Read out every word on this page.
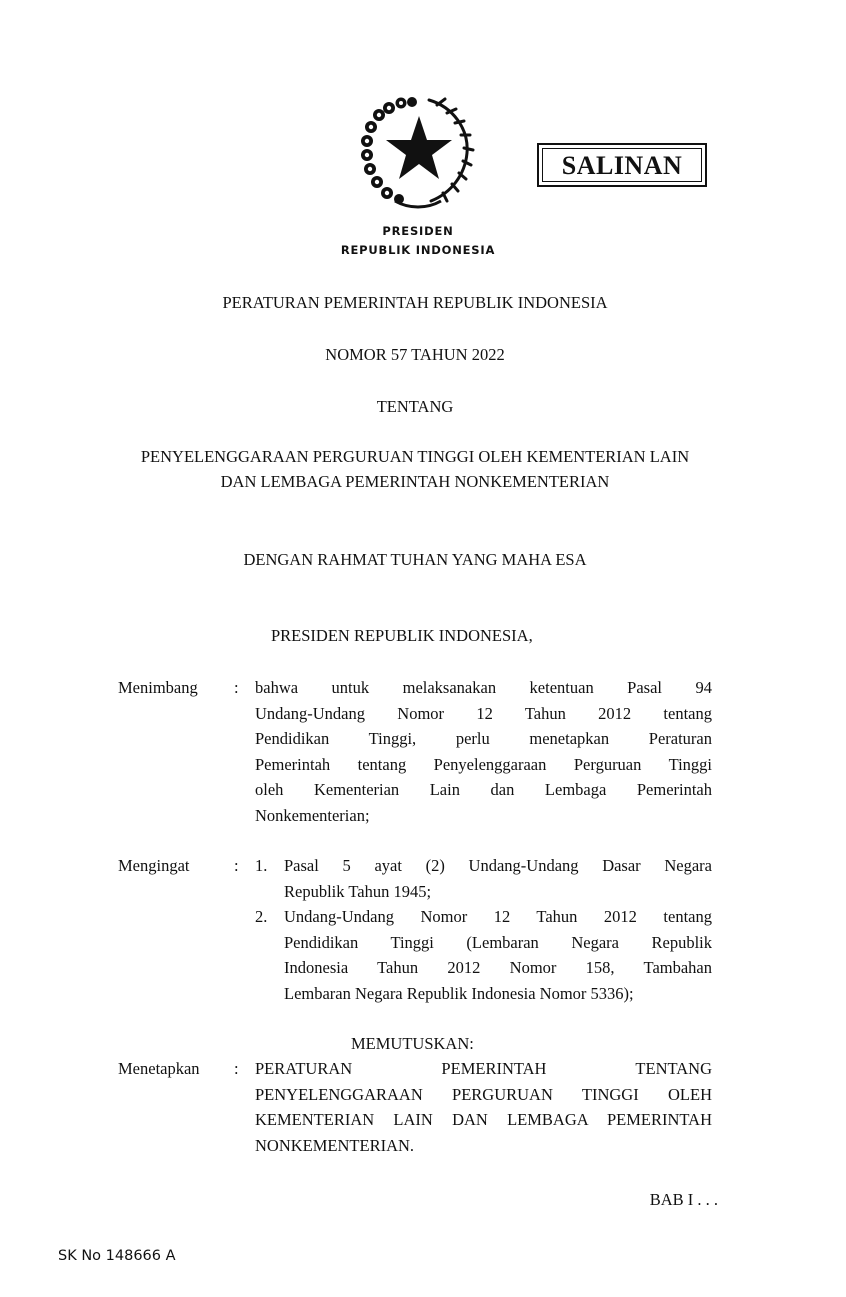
SALINAN
PRESIDEN
REPUBLIK INDONESIA
PERATURAN PEMERINTAH REPUBLIK INDONESIA
NOMOR 57 TAHUN 2022
TENTANG
PENYELENGGARAAN PERGURUAN TINGGI OLEH KEMENTERIAN LAIN
DAN LEMBAGA PEMERINTAH NONKEMENTERIAN
DENGAN RAHMAT TUHAN YANG MAHA ESA
PRESIDEN REPUBLIK INDONESIA,
Menimbang	: bahwa untuk melaksanakan ketentuan Pasal 94
Undang-Undang Nomor 12 Tahun 2012 tentang
Pendidikan Tinggi, perlu menetapkan Peraturan
Pemerintah tentang Penyelenggaraan Perguruan Tinggi
oleh Kementerian Lain dan Lembaga Pemerintah
Nonkementerian;
Mengingat	: 1.	Pasal 5 ayat (2) Undang-Undang Dasar Negara
Republik Tahun 1945;
2.	Undang-Undang Nomor 12 Tahun 2012 tentang
Pendidikan Tinggi (Lembaran Negara Republik
Indonesia Tahun 2012 Nomor 158, Tambahan
Lembaran Negara Republik Indonesia Nomor 5336);
MEMUTUSKAN:
Menetapkan	: PERATURAN PEMERINTAH TENTANG
PENYELENGGARAAN PERGURUAN TINGGI OLEH
KEMENTERIAN LAIN DAN LEMBAGA PEMERINTAH
NONKEMENTERIAN.
BAB I . . .
SK No 148666 A
